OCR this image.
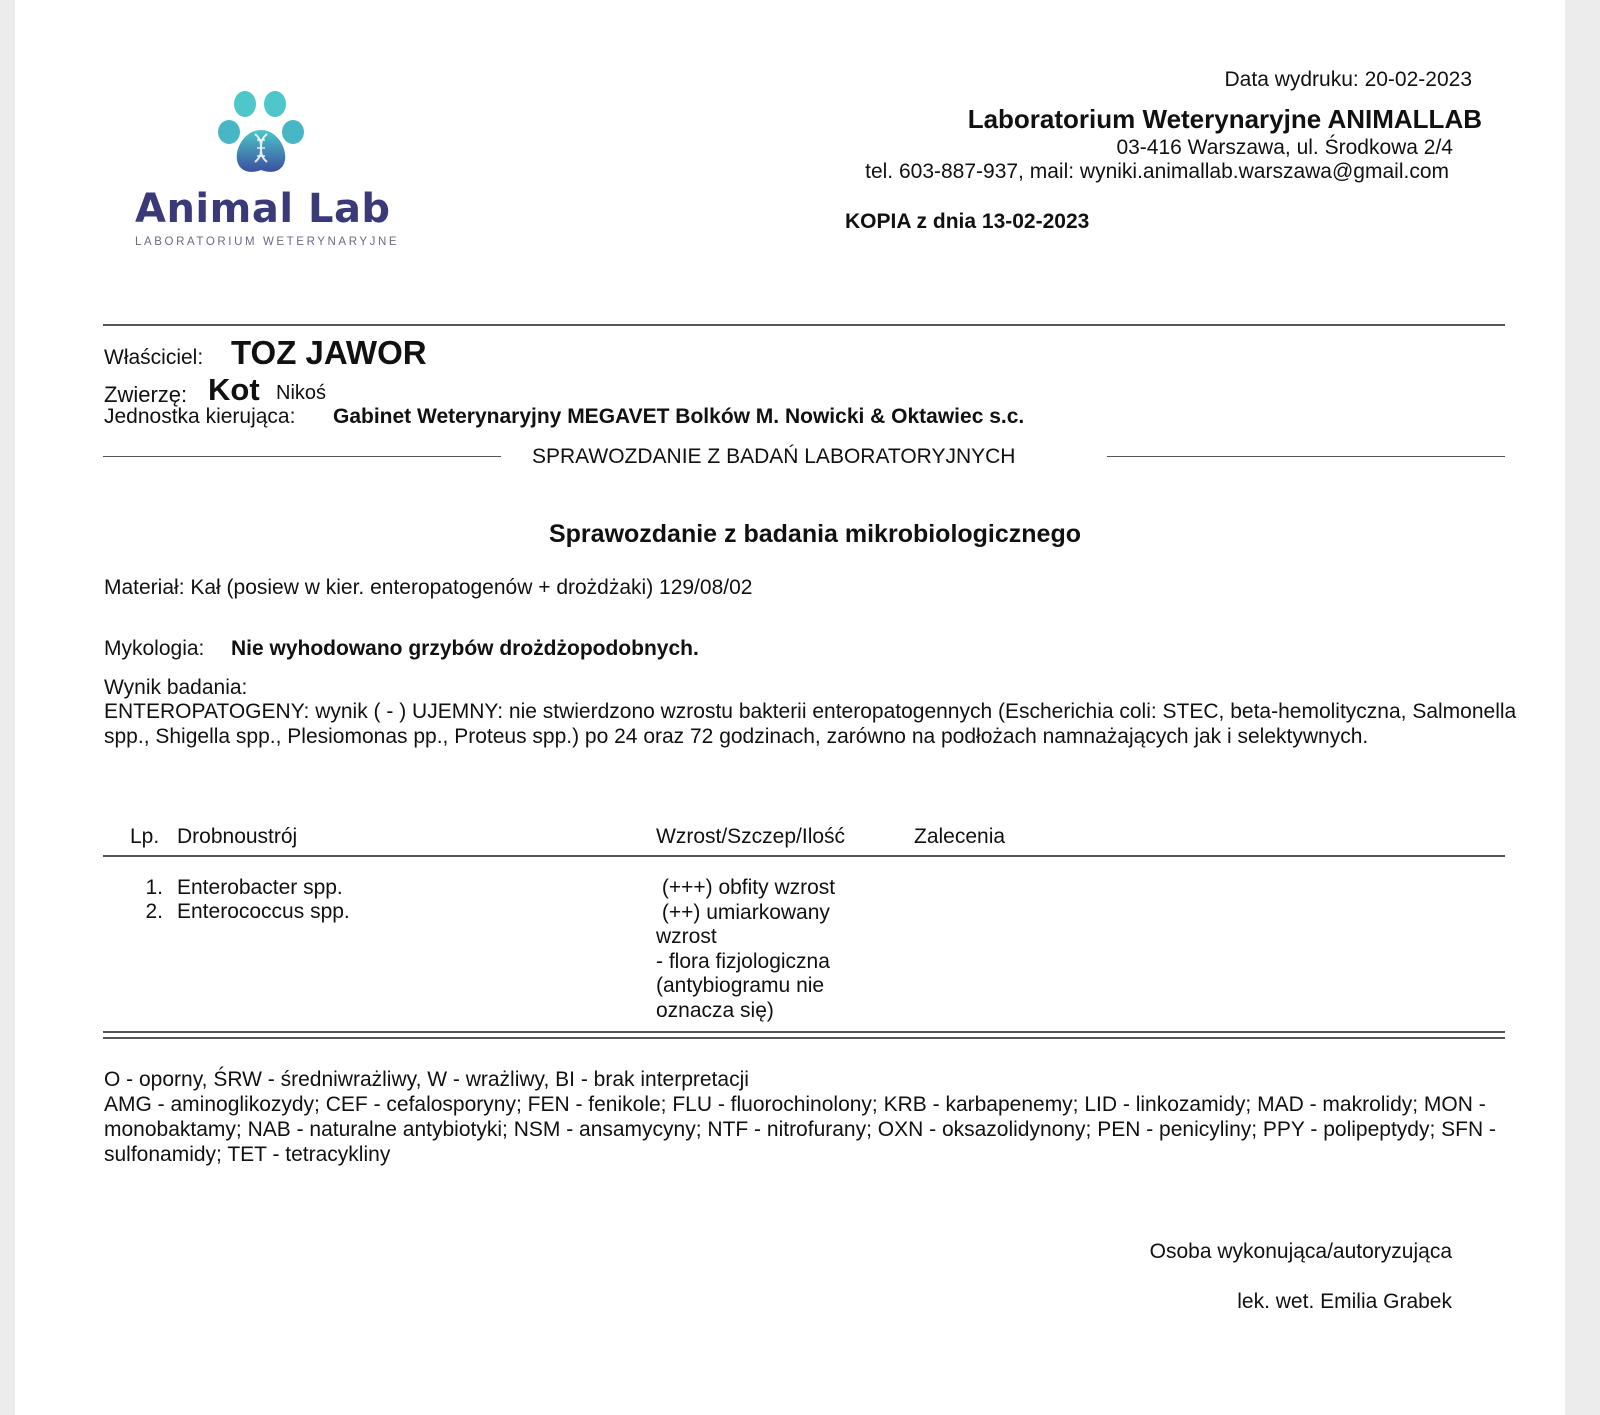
Animal Lab
LABORATORIUM WETERYNARYJNE
Data wydruku: 20-02-2023
Laboratorium Weterynaryjne ANIMALLAB
03-416 Warszawa, ul. Środkowa 2/4
tel. 603-887-937, mail: wyniki.animallab.warszawa@gmail.com
KOPIA z dnia 13-02-2023
Właściciel: TOZ JAWOR
Zwierzę: Kot Nikoś
Jednostka kierująca: Gabinet Weterynaryjny MEGAVET Bolków M. Nowicki & Oktawiec s.c.
SPRAWOZDANIE Z BADAŃ LABORATORYJNYCH
Sprawozdanie z badania mikrobiologicznego
Materiał: Kał (posiew w kier. enteropatogenów + drożdżaki) 129/08/02
Mykologia: Nie wyhodowano grzybów drożdżopodobnych.
Wynik badania:
ENTEROPATOGENY: wynik ( - ) UJEMNY: nie stwierdzono wzrostu bakterii enteropatogennych (Escherichia coli: STEC, beta-hemolityczna, Salmonella spp., Shigella spp., Plesiomonas pp., Proteus spp.) po 24 oraz 72 godzinach, zarówno na podłożach namnażających jak i selektywnych.
Lp. Drobnoustrój	Wzrost/Szczep/Ilość	Zalecenia
1. Enterobacter spp.
2. Enterococcus spp.
(+++) obfity wzrost
(++) umiarkowany wzrost
- flora fizjologiczna (antybiogramu nie oznacza się)
O - oporny, ŚRW - średniwrażliwy, W - wrażliwy, BI - brak interpretacji
AMG - aminoglikozydy; CEF - cefalosporyny; FEN - fenikole; FLU - fluorochinolony; KRB - karbapenemy; LID - linkozamidy; MAD - makrolidy; MON - monobaktamy; NAB - naturalne antybiotyki; NSM - ansamycyny; NTF - nitrofurany; OXN - oksazolidynony; PEN - penicyliny; PPY - polipeptydy; SFN - sulfonamidy; TET - tetracykliny
Osoba wykonująca/autoryzująca
lek. wet. Emilia Grabek
